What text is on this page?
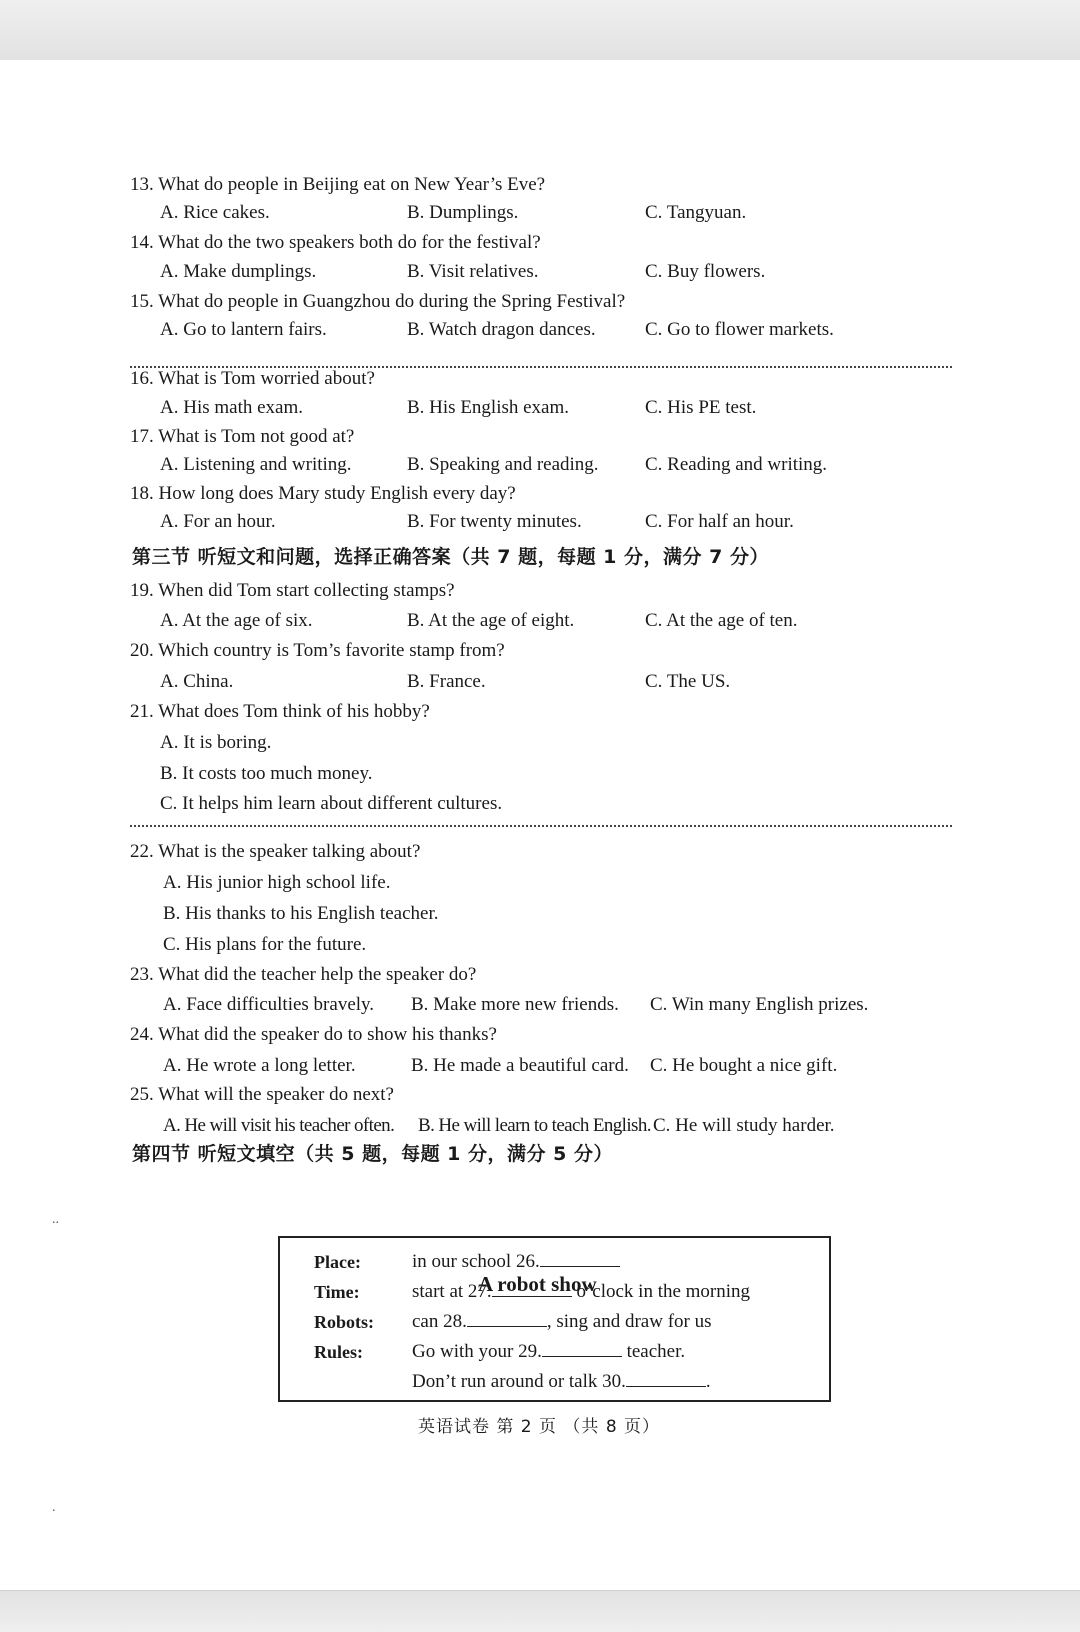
13. What do people in Beijing eat on New Year’s Eve?
A. Rice cakes.	B. Dumplings.	C. Tangyuan.
14. What do the two speakers both do for the festival?
A. Make dumplings.	B. Visit relatives.	C. Buy flowers.
15. What do people in Guangzhou do during the Spring Festival?
A. Go to lantern fairs.	B. Watch dragon dances.	C. Go to flower markets.
16. What is Tom worried about?
A. His math exam.	B. His English exam.	C. His PE test.
17. What is Tom not good at?
A. Listening and writing.	B. Speaking and reading. C. Reading and writing.
18. How long does Mary study English every day?
A. For an hour.	B. For twenty minutes.	C. For half an hour.
第三节 听短文和问题，选择正确答案（共 7 题，每题 1 分，满分 7 分）
19. When did Tom start collecting stamps?
A. At the age of six.	B. At the age of eight.	C. At the age of ten.
20. Which country is Tom’s favorite stamp from?
A. China.	B. France.	C. The US.
21. What does Tom think of his hobby?
A. It is boring.
B. It costs too much money.
C. It helps him learn about different cultures.
22. What is the speaker talking about?
A. His junior high school life.
B. His thanks to his English teacher.
C. His plans for the future.
23. What did the teacher help the speaker do?
A. Face difficulties bravely. B. Make more new friends. C. Win many English prizes.
24. What did the speaker do to show his thanks?
A. He wrote a long letter.	B. He made a beautiful card. C. He bought a nice gift.
25. What will the speaker do next?
A. He will visit his teacher often. B. He will learn to teach English. C. He will study harder.
第四节 听短文填空（共 5 题，每题 1 分，满分 5 分）
A robot show
Place:	in our school 26.
Time:	start at 27.	o’clock in the morning
Robots: can 28.	, sing and draw for us
Rules:	Go with your 29.	teacher.
Don’t run around or talk 30.	.
英语试卷 第 2 页 （共 8 页）
..
.
